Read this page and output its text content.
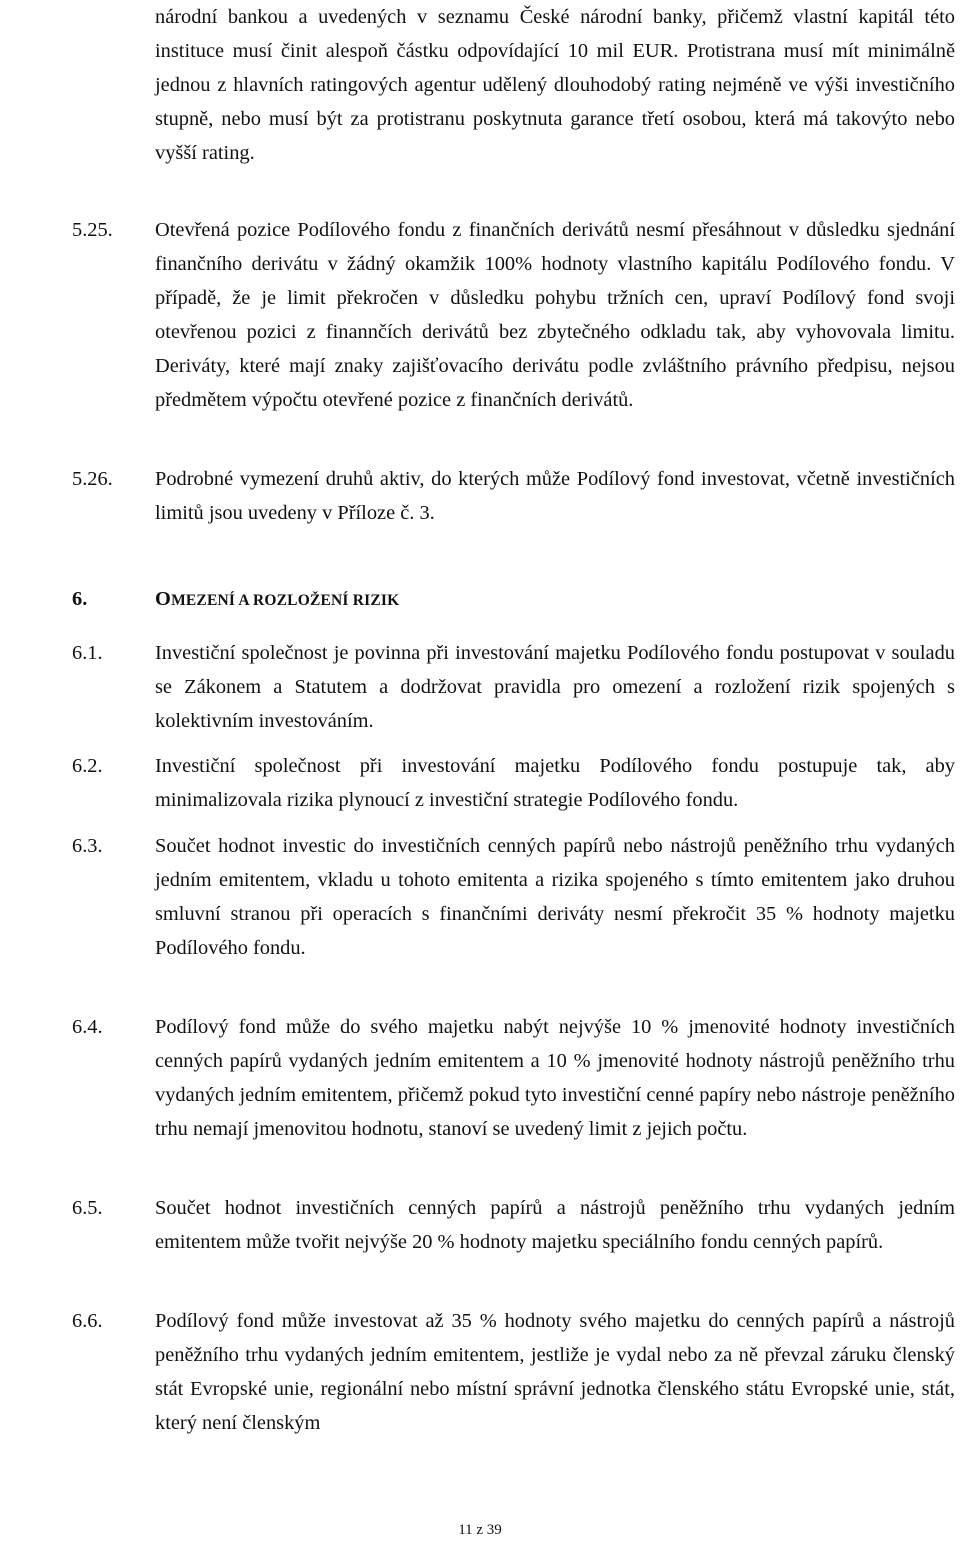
národní bankou a uvedených v seznamu České národní banky, přičemž vlastní kapitál této instituce musí činit alespoň částku odpovídající 10 mil EUR. Protistrana musí mít minimálně jednou z hlavních ratingových agentur udělený dlouhodobý rating nejméně ve výši investičního stupně, nebo musí být za protistranu poskytnuta garance třetí osobou, která má takovýto nebo vyšší rating.

5.25. Otevřená pozice Podílového fondu z finančních derivátů nesmí přesáhnout v důsledku sjednání finančního derivátu v žádný okamžik 100% hodnoty vlastního kapitálu Podílového fondu. V případě, že je limit překročen v důsledku pohybu tržních cen, upraví Podílový fond svoji otevřenou pozici z finannčích derivátů bez zbytečného odkladu tak, aby vyhovovala limitu. Deriváty, které mají znaky zajišťovacího derivátu podle zvláštního právního předpisu, nejsou předmětem výpočtu otevřené pozice z finančních derivátů.

5.26. Podrobné vymezení druhů aktiv, do kterých může Podílový fond investovat, včetně investičních limitů jsou uvedeny v Příloze č. 3.

6.	OMEZENÍ A ROZLOŽENÍ RIZIK
6.1.	Investiční společnost je povinna při investování majetku Podílového fondu postupovat v souladu se Zákonem a Statutem a dodržovat pravidla pro omezení a rozložení rizik spojených s kolektivním investováním.

6.2.	Investiční společnost při investování majetku Podílového fondu postupuje tak, aby minimalizovala rizika plynoucí z investiční strategie Podílového fondu.

6.3.	Součet hodnot investic do investičních cenných papírů nebo nástrojů peněžního trhu vydaných jedním emitentem, vkladu u tohoto emitenta a rizika spojeného s tímto emitentem jako druhou smluvní stranou při operacích s finančními deriváty nesmí překročit 35 % hodnoty majetku Podílového fondu.

6.4.	Podílový fond může do svého majetku nabýt nejvýše 10 % jmenovité hodnoty investičních cenných papírů vydaných jedním emitentem a 10 % jmenovité hodnoty nástrojů peněžního trhu vydaných jedním emitentem, přičemž pokud tyto investiční cenné papíry nebo nástroje peněžního trhu nemají jmenovitou hodnotu, stanoví se uvedený limit z jejich počtu.

6.5.	Součet hodnot investičních cenných papírů a nástrojů peněžního trhu vydaných jedním emitentem může tvořit nejvýše 20 % hodnoty majetku speciálního fondu cenných papírů.

6.6.	Podílový fond může investovat až 35 % hodnoty svého majetku do cenných papírů a nástrojů peněžního trhu vydaných jedním emitentem, jestliže je vydal nebo za ně převzal záruku členský stát Evropské unie, regionální nebo místní správní jednotka členského státu Evropské unie, stát, který není členským

11 z 39
